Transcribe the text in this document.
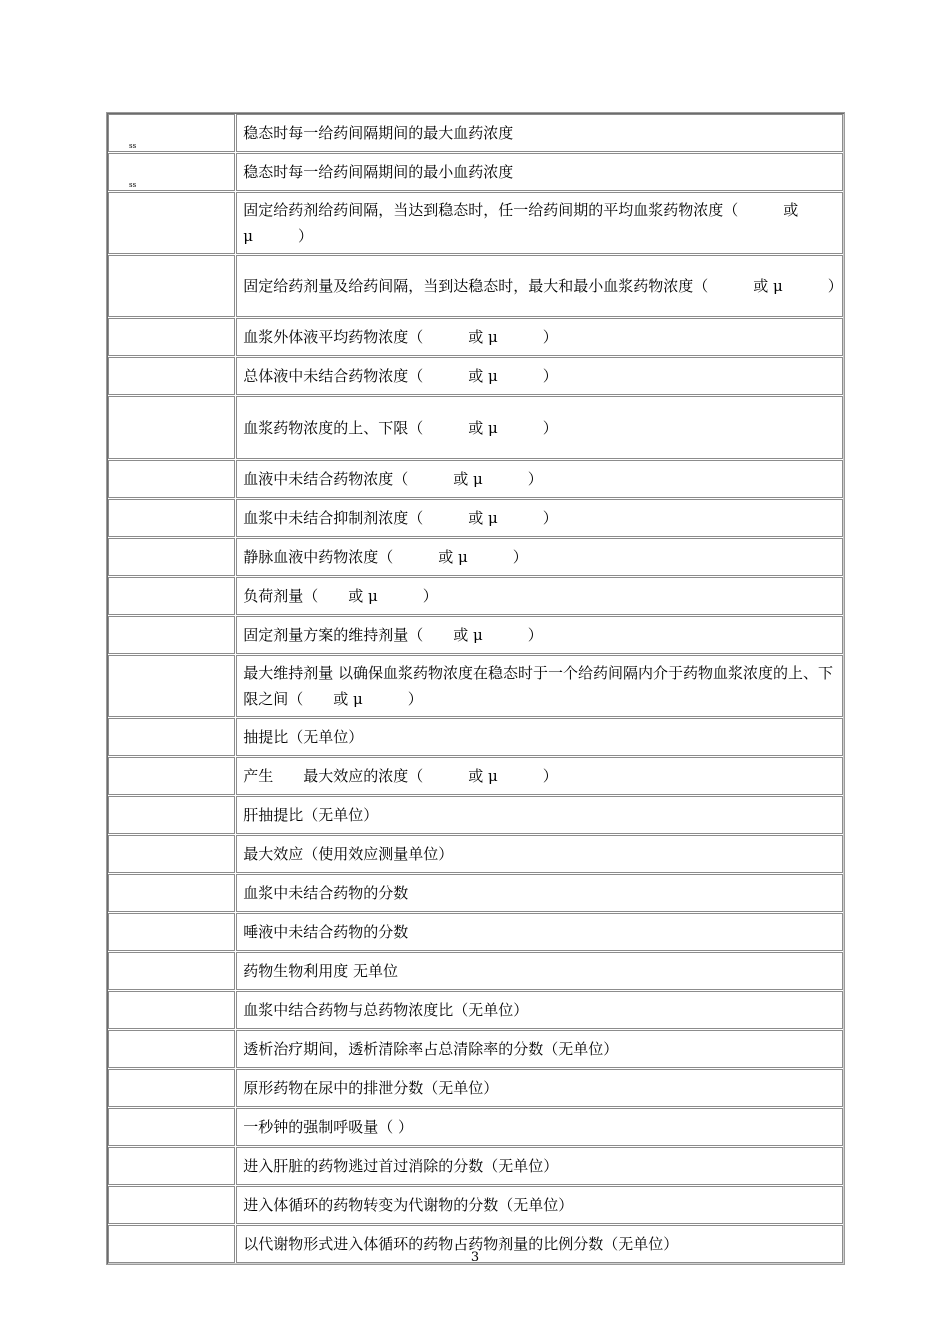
ss	稳态时每一给药间隔期间的最大血药浓度
ss	稳态时每一给药间隔期间的最小血药浓度
	固定给药剂给药间隔，当达到稳态时，任一给药间期的平均血浆药物浓度（　　　或 μ　　　）
	固定给药剂量及给药间隔，当到达稳态时，最大和最小血浆药物浓度（　　　或 μ　　　）
	血浆外体液平均药物浓度（　　　或 μ　　　）
	总体液中未结合药物浓度（　　　或 μ　　　）
	血浆药物浓度的上、下限（　　　或 μ　　　）
	血液中未结合药物浓度（　　　或 μ　　　）
	血浆中未结合抑制剂浓度（　　　或 μ　　　）
	静脉血液中药物浓度（　　　或 μ　　　）
	负荷剂量（　　或 μ　　　）
	固定剂量方案的维持剂量（　　或 μ　　　）
	最大维持剂量 以确保血浆药物浓度在稳态时于一个给药间隔内介于药物血浆浓度的上、下限之间（　　或 μ　　　）
	抽提比（无单位）
	产生　　最大效应的浓度（　　　或 μ　　　）
	肝抽提比（无单位）
	最大效应（使用效应测量单位）
	血浆中未结合药物的分数
	唾液中未结合药物的分数
	药物生物利用度 无单位
	血浆中结合药物与总药物浓度比（无单位）
	透析治疗期间，透析清除率占总清除率的分数（无单位）
	原形药物在尿中的排泄分数（无单位）
	一秒钟的强制呼吸量（ ）
	进入肝脏的药物逃过首过消除的分数（无单位）
	进入体循环的药物转变为代谢物的分数（无单位）
	以代谢物形式进入体循环的药物占药物剂量的比例分数（无单位）
3
